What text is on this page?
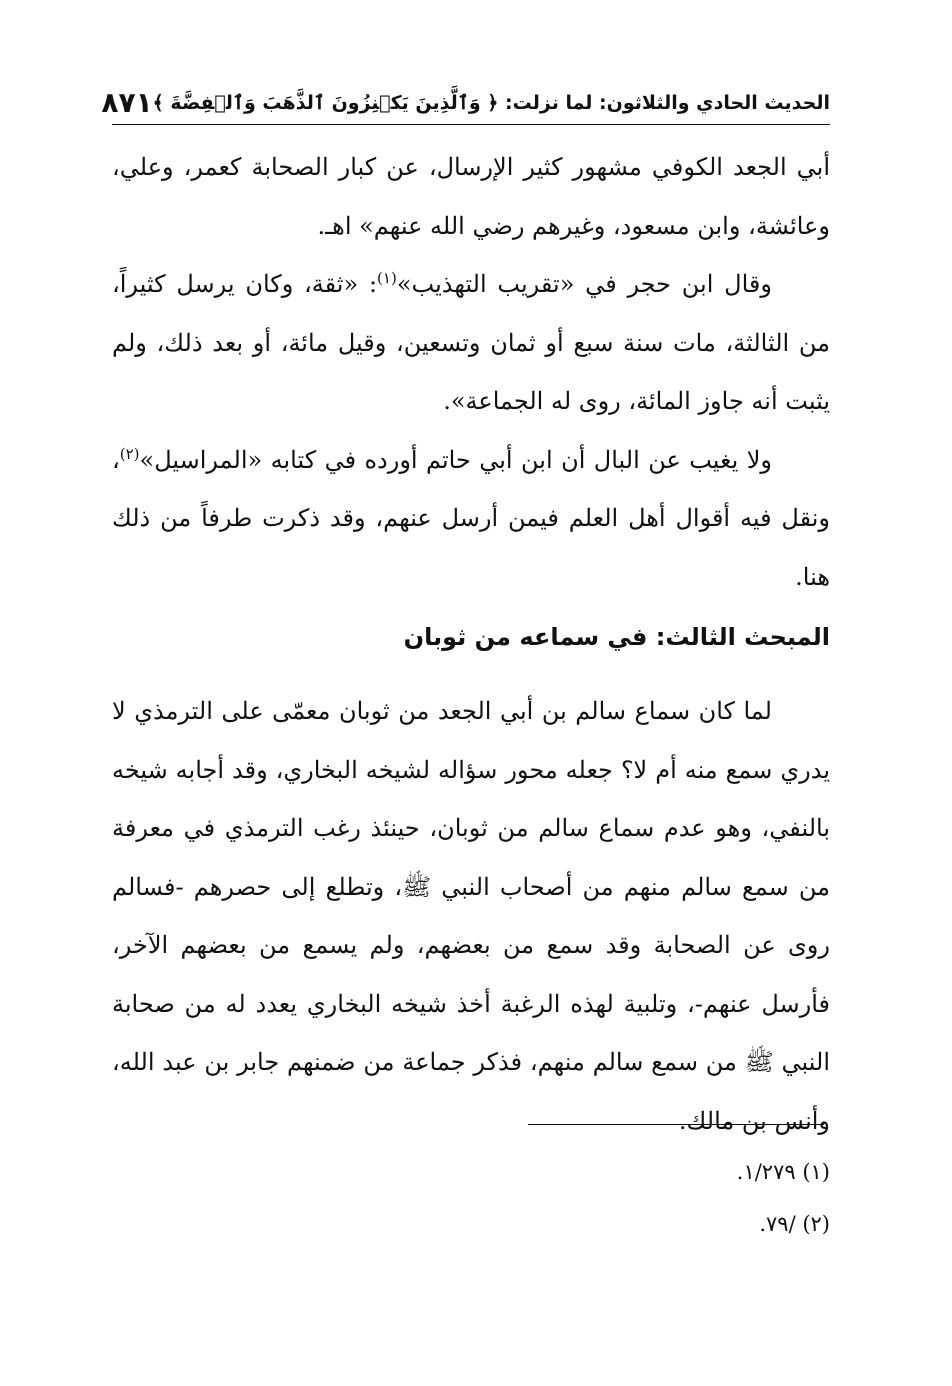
الحديث الحادي والثلاثون: لما نزلت: ﴿ وَٱلَّذِينَ يَكۡنِزُونَ ٱلذَّهَبَ وَٱلۡفِضَّةَ ﴾
٨٧١

أبي الجعد الكوفي مشهور كثير الإرسال، عن كبار الصحابة كعمر، وعلي، وعائشة، وابن مسعود، وغيرهم رضي الله عنهم» اهـ.

وقال ابن حجر في «تقريب التهذيب»$^{(١)}$: «ثقة، وكان يرسل كثيراً، من الثالثة، مات سنة سبع أو ثمان وتسعين، وقيل مائة، أو بعد ذلك، ولم يثبت أنه جاوز المائة، روى له الجماعة».

ولا يغيب عن البال أن ابن أبي حاتم أورده في كتابه «المراسيل»$^{(٢)}$، ونقل فيه أقوال أهل العلم فيمن أرسل عنهم، وقد ذكرت طرفاً من ذلك هنا.

المبحث الثالث: في سماعه من ثوبان

لما كان سماع سالم بن أبي الجعد من ثوبان معمّى على الترمذي لا يدري سمع منه أم لا؟ جعله محور سؤاله لشيخه البخاري، وقد أجابه شيخه بالنفي، وهو عدم سماع سالم من ثوبان، حينئذ رغب الترمذي في معرفة من سمع سالم منهم من أصحاب النبي ﷺ، وتطلع إلى حصرهم -فسالم روى عن الصحابة وقد سمع من بعضهم، ولم يسمع من بعضهم الآخر، فأرسل عنهم-، وتلبية لهذه الرغبة أخذ شيخه البخاري يعدد له من صحابة النبي ﷺ من سمع سالم منهم، فذكر جماعة من ضمنهم جابر بن عبد الله، وأنس بن مالك.

(١) ١/٢٧٩.

(٢) /٧٩.
